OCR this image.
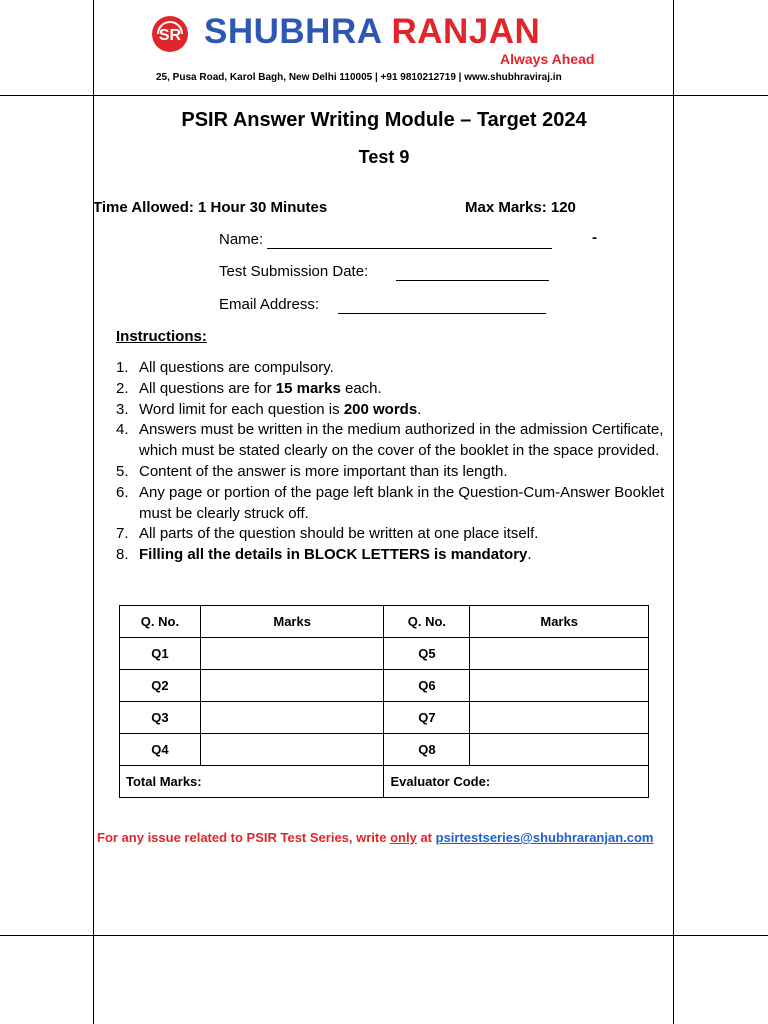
SR SHUBHRA RANJAN
Always Ahead
25, Pusa Road, Karol Bagh, New Delhi 110005 | +91 9810212719 | www.shubhraviraj.in
PSIR Answer Writing Module – Target 2024
Test 9
Time Allowed: 1 Hour 30 Minutes	Max Marks: 120
Name:	-
Test Submission Date:
Email Address:
Instructions:
1. All questions are compulsory.
2. All questions are for 15 marks each.
3. Word limit for each question is 200 words.
4. Answers must be written in the medium authorized in the admission Certificate, which must be stated clearly on the cover of the booklet in the space provided.
5. Content of the answer is more important than its length.
6. Any page or portion of the page left blank in the Question-Cum-Answer Booklet must be clearly struck off.
7. All parts of the question should be written at one place itself.
8. Filling all the details in BLOCK LETTERS is mandatory.
Q. No.	Marks	Q. No.	Marks
Q1		Q5	
Q2		Q6	
Q3		Q7	
Q4		Q8	
Total Marks:		Evaluator Code:	
For any issue related to PSIR Test Series, write only at psirtestseries@shubhraranjan.com
